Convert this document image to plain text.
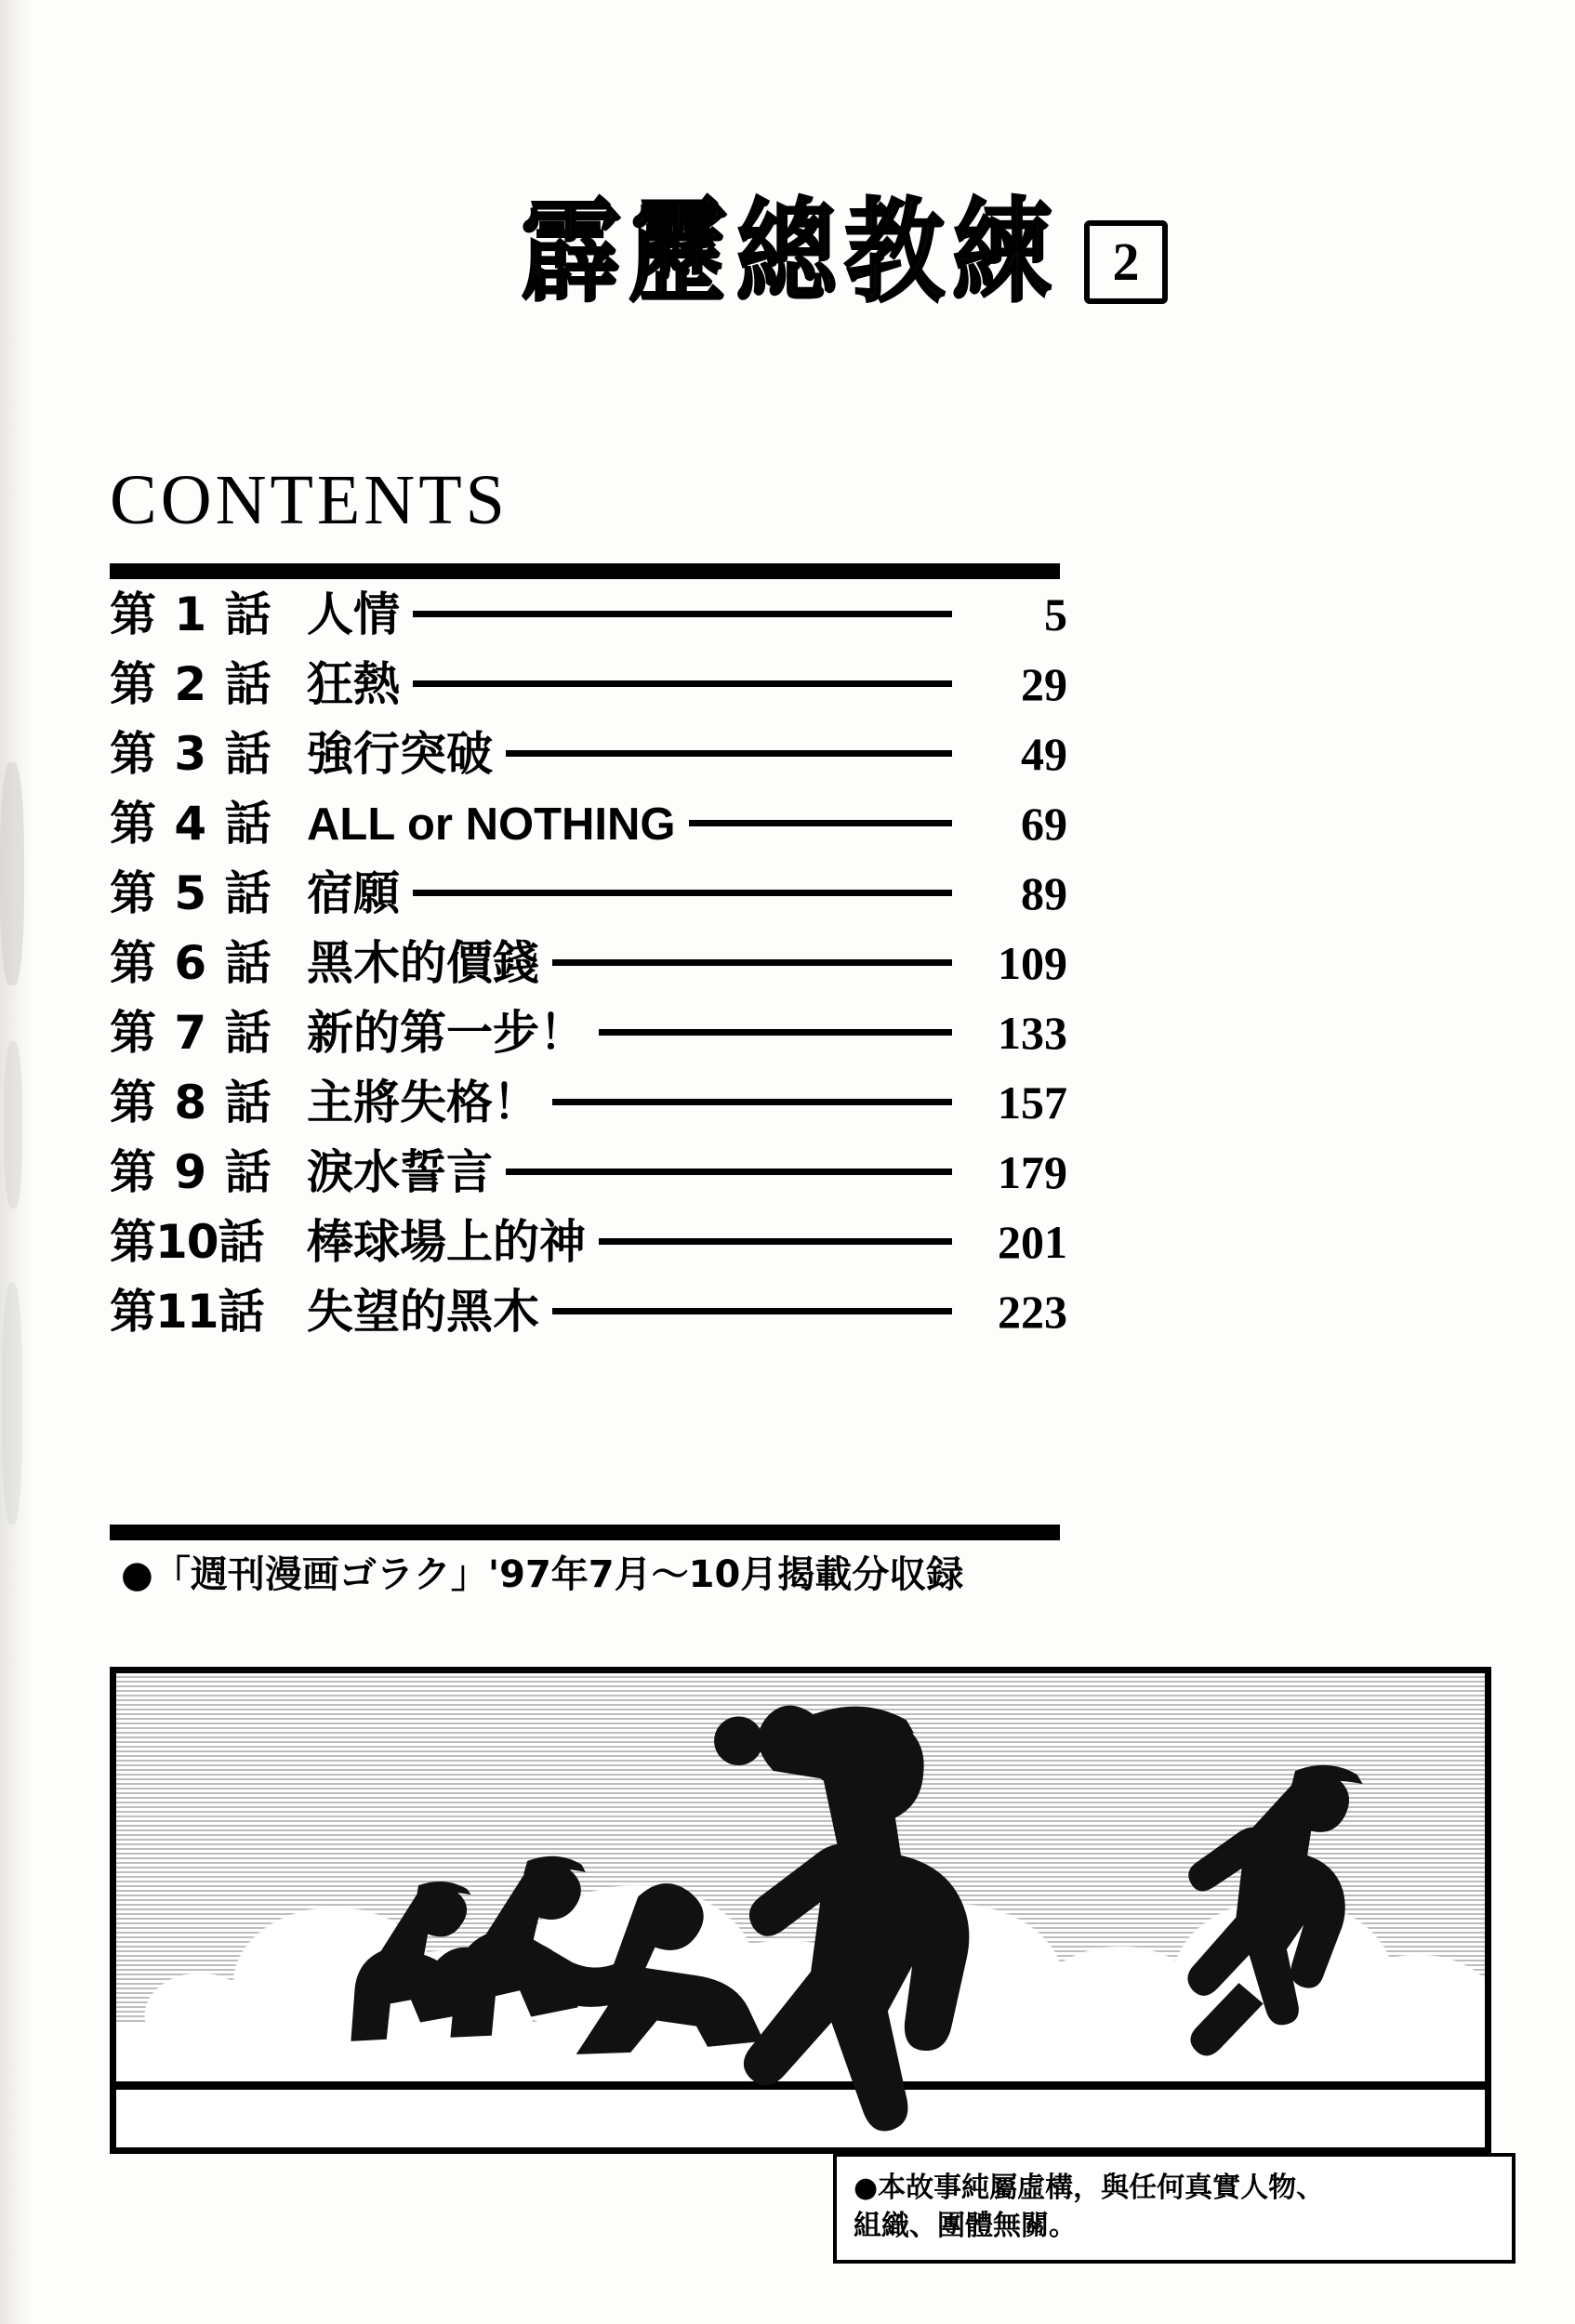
霹靂總教練 2
CONTENTS
第 1 話 人情	5
第 2 話 狂熱	29
第 3 話 強行突破	49
第 4 話 ALL or NOTHING	69
第 5 話 宿願	89
第 6 話 黑木的價錢	109
第 7 話 新的第一步！	133
第 8 話 主將失格！	157
第 9 話 淚水誓言	179
第10話 棒球場上的神	201
第11話 失望的黑木	223
●「週刊漫画ゴラク」'97年7月〜10月揭載分収録
●本故事純屬虛構，與任何真實人物、
組織、團體無關。
